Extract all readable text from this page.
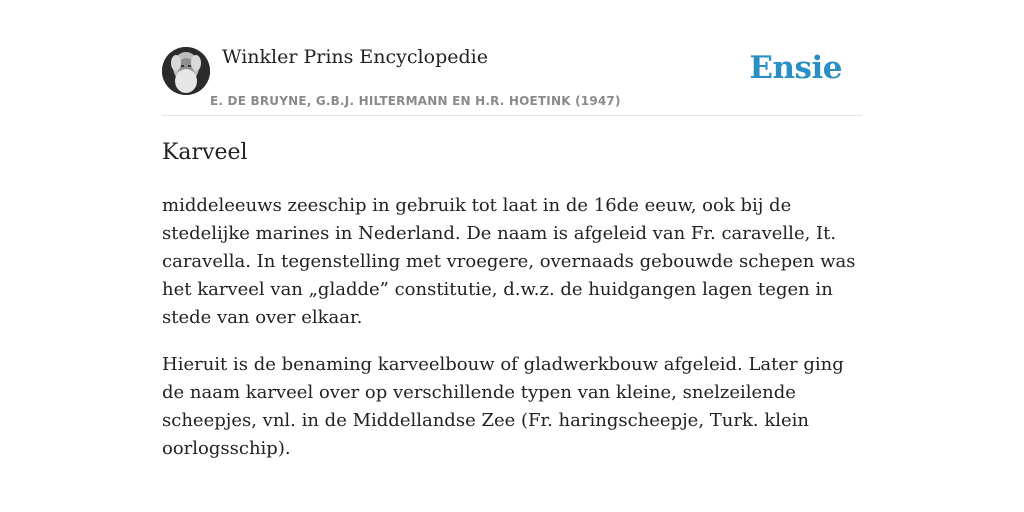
Winkler Prins Encyclopedie
E. DE BRUYNE, G.B.J. HILTERMANN EN H.R. HOETINK (1947)
Ensie
Karveel

middeleeuws zeeschip in gebruik tot laat in de 16de eeuw, ook bij de stedelijke marines in Nederland. De naam is afgeleid van Fr. caravelle, It. caravella. In tegenstelling met vroegere, overnaads gebouwde schepen was het karveel van „gladde” constitutie, d.w.z. de huidgangen lagen tegen in stede van over elkaar.

Hieruit is de benaming karveelbouw of gladwerkbouw afgeleid. Later ging de naam karveel over op verschillende typen van kleine, snelzeilende scheepjes, vnl. in de Middellandse Zee (Fr. haringscheepje, Turk. klein oorlogsschip).
